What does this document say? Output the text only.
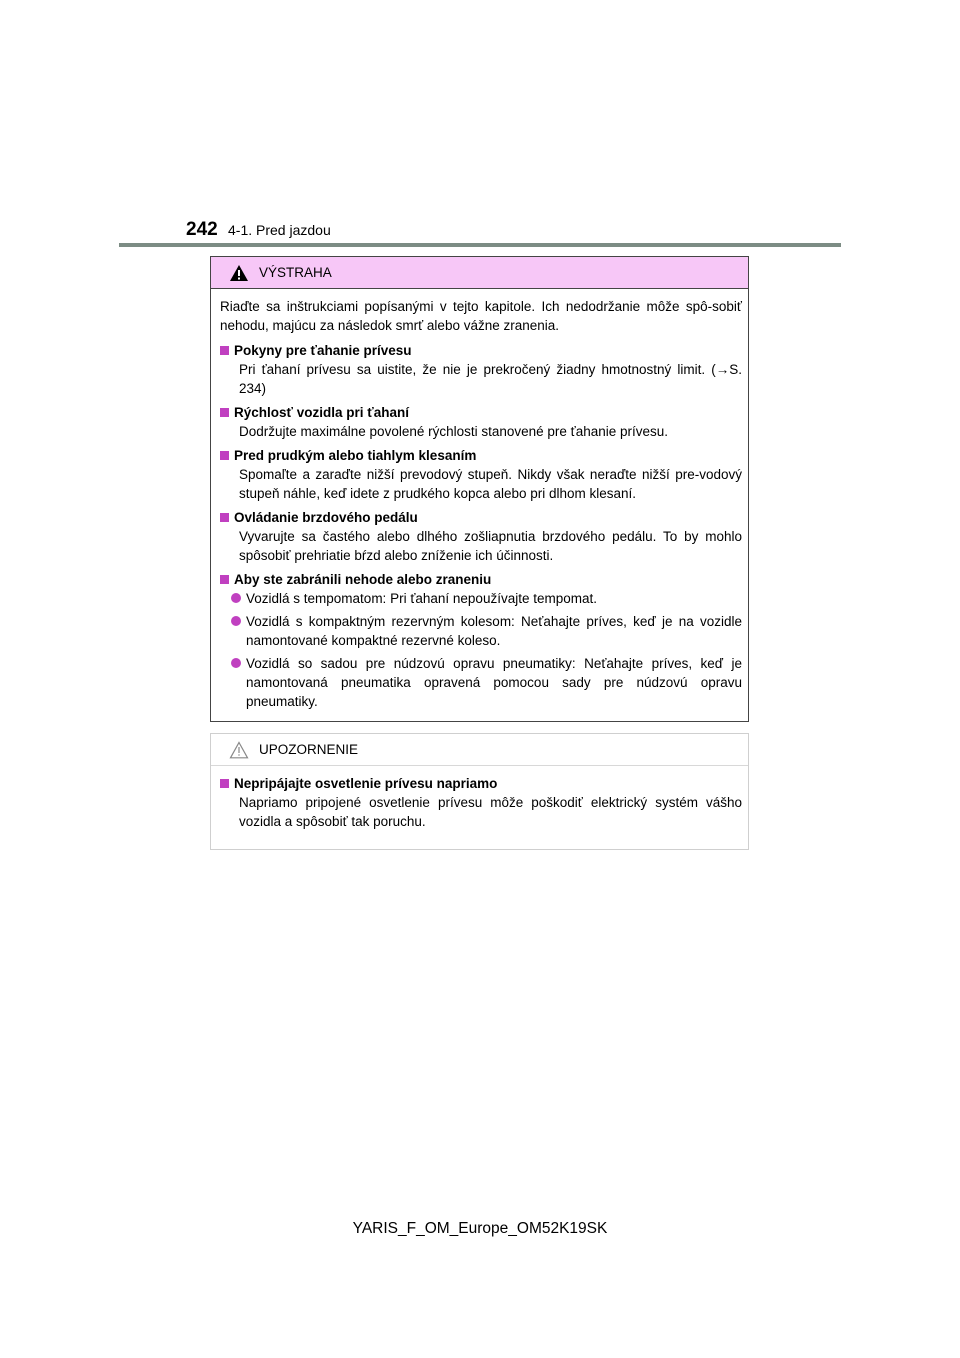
242 4-1. Pred jazdou
VÝSTRAHA

Riaďte sa inštrukciami popísanými v tejto kapitole. Ich nedodržanie môže spô-sobiť nehodu, majúcu za následok smrť alebo vážne zranenia.

Pokyny pre ťahanie prívesu
Pri ťahaní prívesu sa uistite, že nie je prekročený žiadny hmotnostný limit. (→S. 234)
Rýchlosť vozidla pri ťahaní
Dodržujte maximálne povolené rýchlosti stanovené pre ťahanie prívesu.
Pred prudkým alebo tiahlym klesaním
Spomaľte a zaraďte nižší prevodový stupeň. Nikdy však neraďte nižší pre-vodový stupeň náhle, keď idete z prudkého kopca alebo pri dlhom klesaní.
Ovládanie brzdového pedálu
Vyvarujte sa častého alebo dlhého zošliapnutia brzdového pedálu. To by mohlo spôsobiť prehriatie bŕzd alebo zníženie ich účinnosti.
Aby ste zabránili nehode alebo zraneniu
Vozidlá s tempomatom: Pri ťahaní nepoužívajte tempomat.
Vozidlá s kompaktným rezervným kolesom: Neťahajte príves, keď je na vozidle namontované kompaktné rezervné koleso.
Vozidlá so sadou pre núdzovú opravu pneumatiky: Neťahajte príves, keď je namontovaná pneumatika opravená pomocou sady pre núdzovú opravu pneumatiky.
UPOZORNENIE
Nepripájajte osvetlenie prívesu napriamo
Napriamo pripojené osvetlenie prívesu môže poškodiť elektrický systém vášho vozidla a spôsobiť tak poruchu.
YARIS_F_OM_Europe_OM52K19SK
